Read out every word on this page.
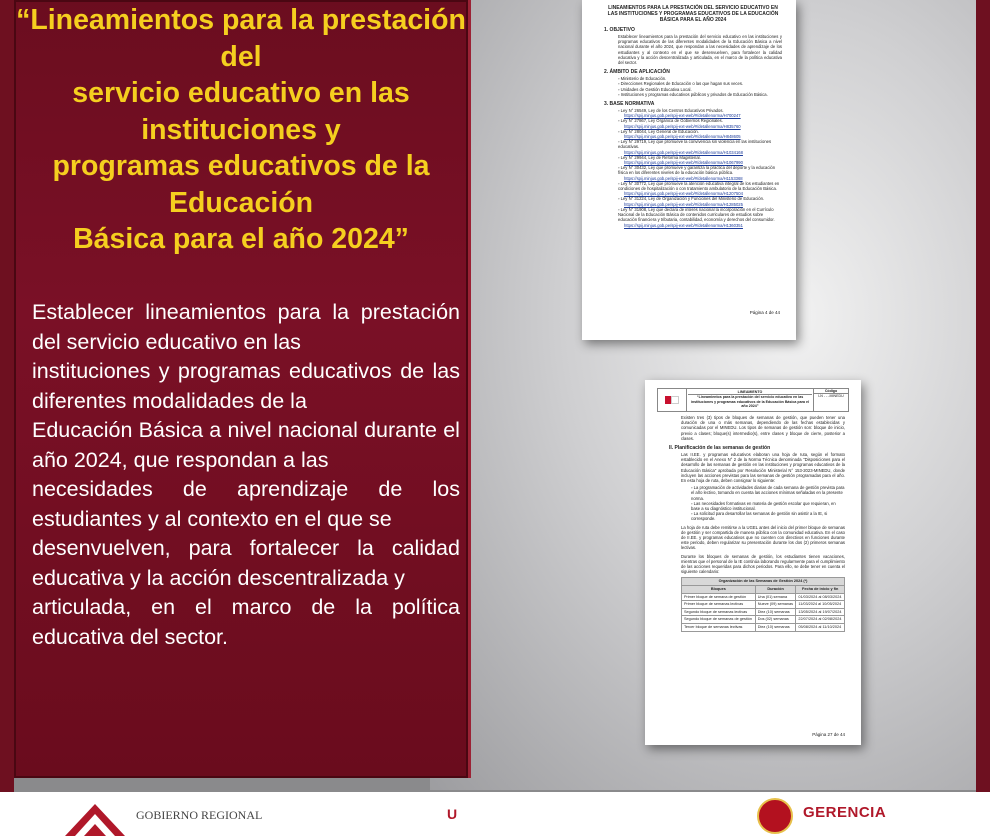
“Lineamientos para la prestación
del
servicio educativo en las
instituciones y
programas educativos de la
Educación
Básica para el año 2024”
Establecer lineamientos para la prestación
del servicio educativo en las
instituciones y programas educativos de las
diferentes modalidades de la
Educación Básica a nivel nacional durante el
año 2024, que respondan a las
necesidades de aprendizaje de los
estudiantes y al contexto en el que se
desenvuelven, para fortalecer la calidad
educativa y la acción descentralizada y
articulada, en el marco de la política
educativa del sector.
LINEAMIENTOS PARA LA PRESTACIÓN DEL SERVICIO EDUCATIVO EN LAS INSTITUCIONES Y PROGRAMAS EDUCATIVOS DE LA EDUCACIÓN BÁSICA PARA EL AÑO 2024
1. OBJETIVO
Establecer lineamientos para la prestación del servicio educativo en las instituciones y programas educativos de las diferentes modalidades de la Educación Básica a nivel nacional durante el año 2024, que respondan a las necesidades de aprendizaje de los estudiantes y al contexto en el que se desenvuelven, para fortalecer la calidad educativa y la acción descentralizada y articulada, en el marco de la política educativa del sector.
2. ÁMBITO DE APLICACIÓN
▫ Ministerio de Educación.
▫ Direcciones Regionales de Educación o las que hagan sus veces.
▫ Unidades de Gestión Educativa Local.
▫ Instituciones y programas educativos públicos y privados de Educación Básica.
3. BASE NORMATIVA
▫ Ley N° 26549, Ley de los Centros Educativos Privados.
https://spij.minjus.gob.pe/spij-ext-web/#/detallenorma/H700247
▫ Ley N° 27867, Ley Orgánica de Gobiernos Regionales.
https://spij.minjus.gob.pe/spij-ext-web/#/detallenorma/H835760
▫ Ley N° 28044, Ley General de Educación.
https://spij.minjus.gob.pe/spij-ext-web/#/detallenorma/H848605
▫ Ley N° 29719, Ley que promueve la convivencia sin violencia en las instituciones educativas.
https://spij.minjus.gob.pe/spij-ext-web/#/detallenorma/H1034168
▫ Ley N° 29944, Ley de Reforma Magisterial.
https://spij.minjus.gob.pe/spij-ext-web/#/detallenorma/H1067990
▫ Ley N° 30432, Ley que promueve y garantiza la práctica del deporte y la educación física en los diferentes niveles de la educación básica pública.
https://spij.minjus.gob.pe/spij-ext-web/#/detallenorma/H1153368
▫ Ley N° 30772, Ley que promueve la atención educativa integral de los estudiantes en condiciones de hospitalización o con tratamiento ambulatorio de la Educación Básica.
https://spij.minjus.gob.pe/spij-ext-web/#/detallenorma/H1207504
▫ Ley N° 31224, Ley de Organización y Funciones del Ministerio de Educación.
https://spij.minjus.gob.pe/spij-ext-web/#/detallenorma/H1285025
▫ Ley N° 31908, Ley que declara de interés nacional la incorporación en el Currículo Nacional de la Educación Básica de contenidos curriculares de estudios sobre educación financiera y tributaria, contabilidad, economía y derechos del consumidor.
https://spij.minjus.gob.pe/spij-ext-web/#/detallenorma/H1360351
Página 4 de 44
LINEAMIENTO
“Lineamientos para la prestación del servicio educativo en las instituciones y programas educativos de la Educación Básica para el año 2024”
Código
LN - - -MINEDU
Existen tres (3) tipos de bloques de semanas de gestión, que pueden tener una duración de una o más semanas, dependiendo de las fechas establecidas y comunicadas por el MINEDU. Los tipos de semanas de gestión son: bloque de inicio, previo a clases; bloque(s) intermedio(s), entre clases y bloque de cierre, posterior a clases.
II. Planificación de las semanas de gestión
Las II.EE. y programas educativos elaboran una hoja de ruta, según el formato establecido en el Anexo N° 2 de la Norma Técnica denominada "Disposiciones para el desarrollo de las semanas de gestión en las instituciones y programas educativos de la Educación Básica" aprobada por Resolución Ministerial N° 153-2023-MINEDU, donde incluyen las acciones previstas para las semanas de gestión programadas para el año. En esta hoja de ruta, deben consignar lo siguiente:
▫ La programación de actividades diarias de cada semana de gestión prevista para el año lectivo, tomando en cuenta las acciones mínimas señaladas en la presente norma.
▫ Las necesidades formativas en materia de gestión escolar que requieran, en base a su diagnóstico institucional.
▫ La solicitud para desarrollar las semanas de gestión sin asistir a la IE, si corresponde.
La hoja de ruta debe remitirse a la UGEL antes del inicio del primer bloque de semanas de gestión y ser compartida de manera pública con la comunidad educativa. En el caso de II.EE. y programas educativos que no cuenten con directivos en funciones durante este periodo, deben regularizar su presentación durante los dos (2) primeros semanas lectivas.
Durante los bloques de semanas de gestión, los estudiantes tienen vacaciones, mientras que el personal de la IE continúa laborando regularmente para el cumplimiento de las acciones requeridas para dichos periodos. Para ello, se debe tener en cuenta el siguiente calendario:
Organización de las Semanas de Gestión 2024 (*)		
Bloques	Duración	Fecha de inicio y fin
Primer bloque de semana de gestión	Una (01) semana	01/03/2024 al 08/03/2024
Primer bloque de semanas lectivas	Nueve (09) semanas	11/03/2024 al 10/05/2024
Segundo bloque de semanas lectivas	Diez (10) semanas	13/05/2024 al 19/07/2024
Segundo bloque de semanas de gestión	Dos (02) semanas	22/07/2024 al 02/08/2024
Tercer bloque de semanas lectivas	Diez (10) semanas	05/08/2024 al 11/10/2024
Página 27 de 44
GOBIERNO REGIONAL	U	GERENCIA
